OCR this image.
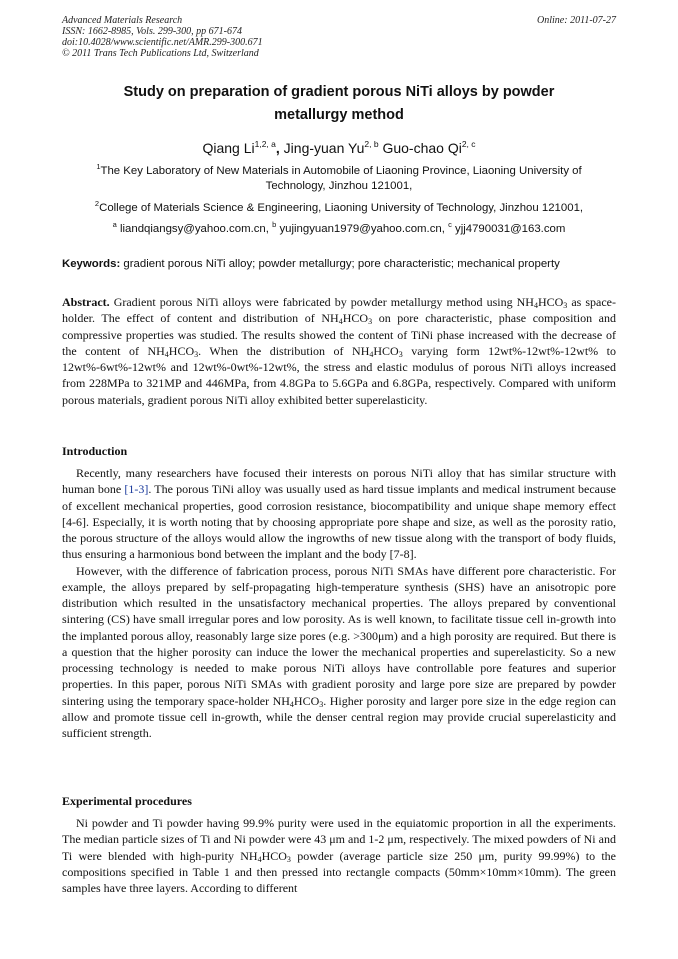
Advanced Materials Research
ISSN: 1662-8985, Vols. 299-300, pp 671-674
doi:10.4028/www.scientific.net/AMR.299-300.671
© 2011 Trans Tech Publications Ltd, Switzerland
Online: 2011-07-27
Study on preparation of gradient porous NiTi alloys by powder
metallurgy method
Qiang Li$^{1,2, a}$, Jing-yuan Yu$^{2, b}$ Guo-chao Qi$^{2, c}$
$^1$The Key Laboratory of New Materials in Automobile of Liaoning Province, Liaoning University of
Technology, Jinzhou 121001,
$^2$College of Materials Science & Engineering, Liaoning University of Technology, Jinzhou 121001,
$^a$ liandqiangsy@yahoo.com.cn, $^b$ yujingyuan1979@yahoo.com.cn, $^c$ yjj4790031@163.com
Keywords: gradient porous NiTi alloy; powder metallurgy; pore characteristic; mechanical property

Abstract. Gradient porous NiTi alloys were fabricated by powder metallurgy method using $NH_4HCO_3$ as space-holder. The effect of content and distribution of $NH_4HCO_3$ on pore characteristic, phase composition and compressive properties was studied. The results showed the content of TiNi phase increased with the decrease of the content of $NH_4HCO_3$. When the distribution of $NH_4HCO_3$ varying form 12wt%-12wt%-12wt% to 12wt%-6wt%-12wt% and 12wt%-0wt%-12wt%, the stress and elastic modulus of porous NiTi alloys increased from 228MPa to 321MP and 446MPa, from 4.8GPa to 5.6GPa and 6.8GPa, respectively. Compared with uniform porous materials, gradient porous NiTi alloy exhibited better superelasticity.

Introduction

Recently, many researchers have focused their interests on porous NiTi alloy that has similar structure with human bone [1-3]. The porous TiNi alloy was usually used as hard tissue implants and medical instrument because of excellent mechanical properties, good corrosion resistance, biocompatibility and unique shape memory effect [4-6]. Especially, it is worth noting that by choosing appropriate pore shape and size, as well as the porosity ratio, the porous structure of the alloys would allow the ingrowths of new tissue along with the transport of body fluids, thus ensuring a harmonious bond between the implant and the body [7-8].

However, with the difference of fabrication process, porous NiTi SMAs have different pore characteristic. For example, the alloys prepared by self-propagating high-temperature synthesis (SHS) have an anisotropic pore distribution which resulted in the unsatisfactory mechanical properties. The alloys prepared by conventional sintering (CS) have small irregular pores and low porosity. As is well known, to facilitate tissue cell in-growth into the implanted porous alloy, reasonably large size pores (e.g. >300μm) and a high porosity are required. But there is a question that the higher porosity can induce the lower the mechanical properties and superelasticity. So a new processing technology is needed to make porous NiTi alloys have controllable pore features and superior properties. In this paper, porous NiTi SMAs with gradient porosity and large pore size are prepared by powder sintering using the temporary space-holder $NH_4HCO_3$. Higher porosity and larger pore size in the edge region can allow and promote tissue cell in-growth, while the denser central region may provide crucial superelasticity and sufficient strength.

Experimental procedures

Ni powder and Ti powder having 99.9% purity were used in the equiatomic proportion in all the experiments. The median particle sizes of Ti and Ni powder were 43 μm and 1-2 μm, respectively. The mixed powders of Ni and Ti were blended with high-purity $NH_4HCO_3$ powder (average particle size 250 μm, purity 99.99%) to the compositions specified in Table 1 and then pressed into rectangle compacts (50mm×10mm×10mm). The green samples have three layers. According to different
